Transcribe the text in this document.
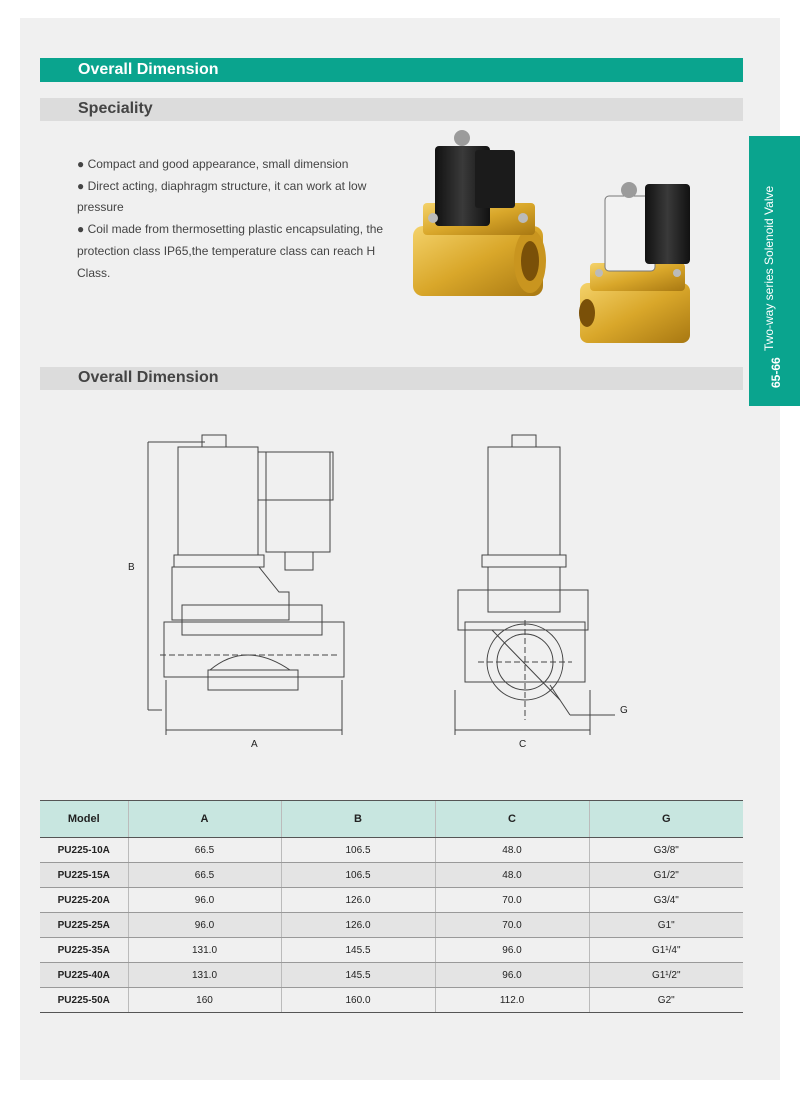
Overall Dimension
Speciality

● Compact and good appearance, small dimension

● Direct acting, diaphragm structure, it can work at low pressure

● Coil made from thermosetting plastic encapsulating, the protection class IP65,the temperature class can reach H Class.	Two-way series Solenoid Valve
65-66
Overall Dimension
B
A	C
G
Model	A	B	C	G
PU225-10A	66.5	106.5	48.0	G3/8"
PU225-15A	66.5	106.5	48.0	G1/2"
PU225-20A	96.0	126.0	70.0	G3/4"
PU225-25A	96.0	126.0	70.0	G1"
PU225-35A	131.0	145.5	96.0	G1¹/4"
PU225-40A	131.0	145.5	96.0	G1¹/2"
PU225-50A	160	160.0	112.0	G2"
